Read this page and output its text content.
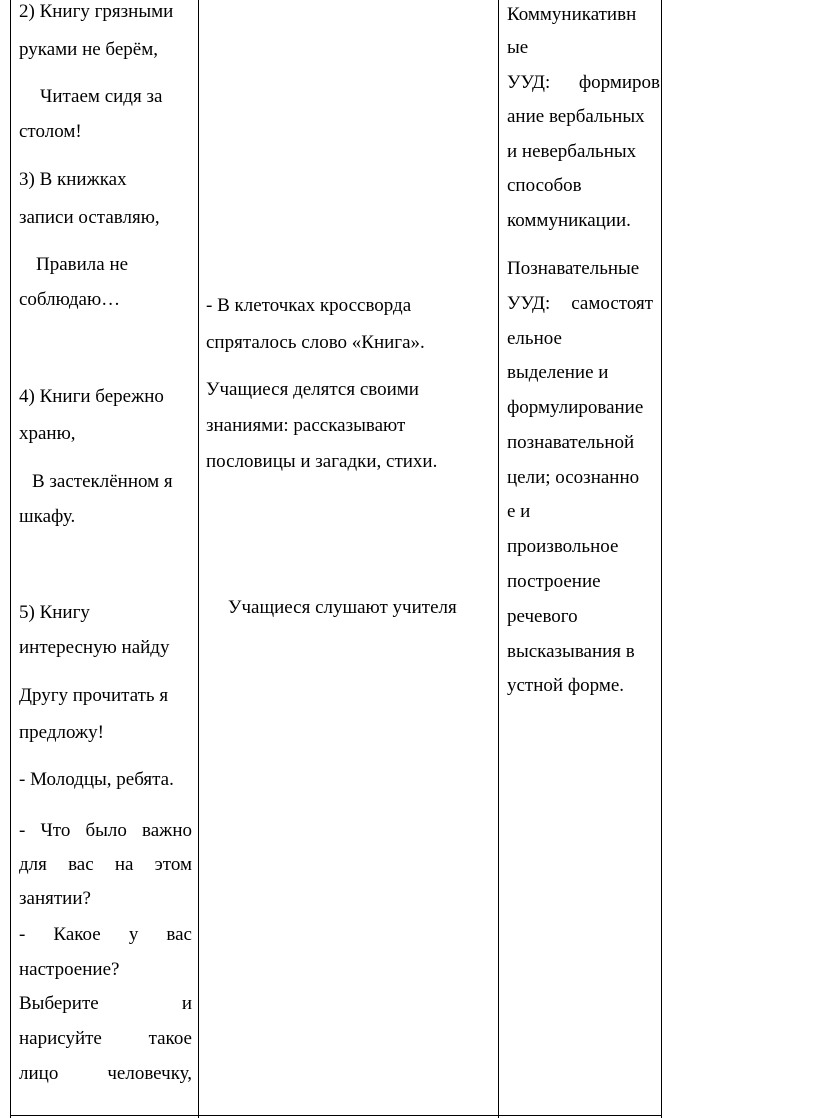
2) Книгу грязными
руками не берём,
Читаем сидя за
столом!
3) В книжках
записи оставляю,
Правила не
соблюдаю…
4) Книги бережно
храню,
В застеклённом я
шкафу.
5) Книгу
интересную найду
Другу прочитать я
предложу!
- Молодцы, ребята.
- Что было важно
для вас на этом
занятии?
- Какое у вас
настроение?
Выберите	и
нарисуйте такое
лицо	человечку,
- В клеточках кроссворда
спряталось слово «Книга».
Учащиеся делятся своими
знаниями: рассказывают
пословицы и загадки, стихи.
Учащиеся слушают учителя
Коммуникативн
ые
УУД: формиров
ание вербальных
и невербальных
способов
коммуникации.
Познавательные
УУД: самостоят
ельное
выделение и
формулирование
познавательной
цели; осознанно
е и
произвольное
построение
речевого
высказывания в
устной форме.
